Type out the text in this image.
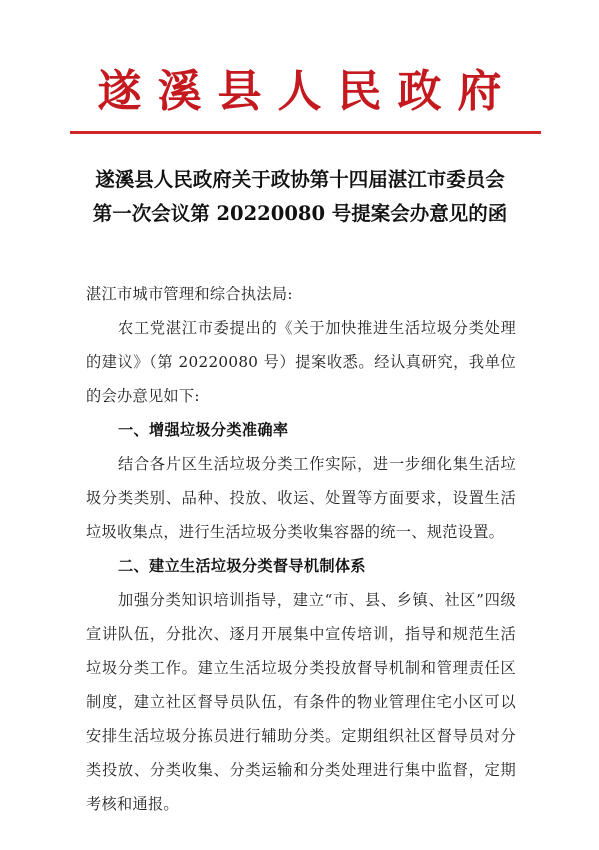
遂溪县人民政府
遂溪县人民政府关于政协第十四届湛江市委员会
第一次会议第 20220080 号提案会办意见的函

湛江市城市管理和综合执法局:

农工党湛江市委提出的《关于加快推进生活垃圾分类处理的建议》（第 20220080 号）提案收悉。经认真研究，我单位的会办意见如下:

一、增强垃圾分类准确率

结合各片区生活垃圾分类工作实际，进一步细化集生活垃圾分类类别、品种、投放、收运、处置等方面要求，设置生活垃圾收集点，进行生活垃圾分类收集容器的统一、规范设置。

二、建立生活垃圾分类督导机制体系

加强分类知识培训指导，建立“市、县、乡镇、社区”四级宣讲队伍，分批次、逐月开展集中宣传培训，指导和规范生活垃圾分类工作。建立生活垃圾分类投放督导机制和管理责任区制度，建立社区督导员队伍，有条件的物业管理住宅小区可以安排生活垃圾分拣员进行辅助分类。定期组织社区督导员对分类投放、分类收集、分类运输和分类处理进行集中监督，定期考核和通报。
